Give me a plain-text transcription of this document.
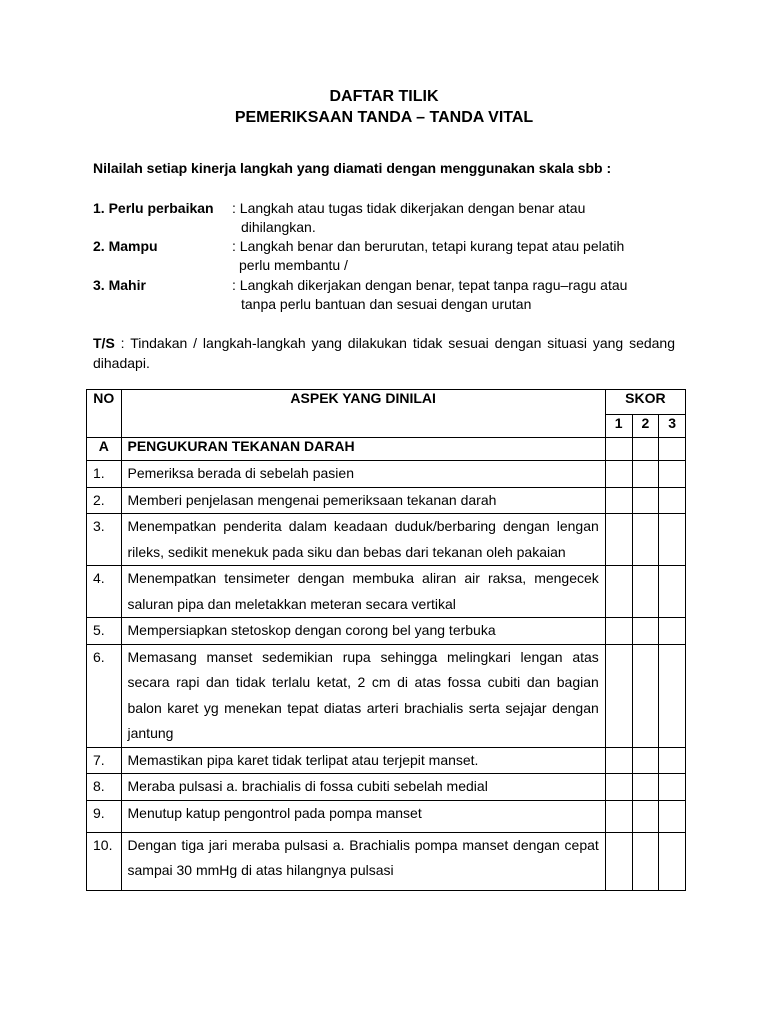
DAFTAR TILIK
PEMERIKSAAN TANDA – TANDA VITAL
Nilailah setiap kinerja langkah yang diamati dengan menggunakan skala sbb :
1. Perlu perbaikan : Langkah atau tugas tidak dikerjakan dengan benar atau
dihilangkan.
2. Mampu	: Langkah benar dan berurutan, tetapi kurang tepat atau pelatih
perlu membantu /
3. Mahir	: Langkah dikerjakan dengan benar, tepat tanpa ragu–ragu atau
tanpa perlu bantuan dan sesuai dengan urutan
T/S : Tindakan / langkah-langkah yang dilakukan tidak sesuai dengan situasi yang sedang dihadapi.
NO	ASPEK YANG DINILAI	SKOR		
		1	2	3
A	PENGUKURAN TEKANAN DARAH			
1.	Pemeriksa berada di sebelah pasien			
2.	Memberi penjelasan mengenai pemeriksaan tekanan darah			
3.	Menempatkan penderita dalam keadaan duduk/berbaring dengan lengan rileks, sedikit menekuk pada siku dan bebas dari tekanan oleh pakaian			
4.	Menempatkan tensimeter dengan membuka aliran air raksa, mengecek saluran pipa dan meletakkan meteran secara vertikal			
5.	Mempersiapkan stetoskop dengan corong bel yang terbuka			
6.	Memasang manset sedemikian rupa sehingga melingkari lengan atas secara rapi dan tidak terlalu ketat, 2 cm di atas fossa cubiti dan bagian balon karet yg menekan tepat diatas arteri brachialis serta sejajar dengan jantung			
7.	Memastikan pipa karet tidak terlipat atau terjepit manset.			
8.	Meraba pulsasi a. brachialis di fossa cubiti sebelah medial			
9.	Menutup katup pengontrol pada pompa manset			
10.	Dengan tiga jari meraba pulsasi a. Brachialis pompa manset dengan cepat sampai 30 mmHg di atas hilangnya pulsasi			
